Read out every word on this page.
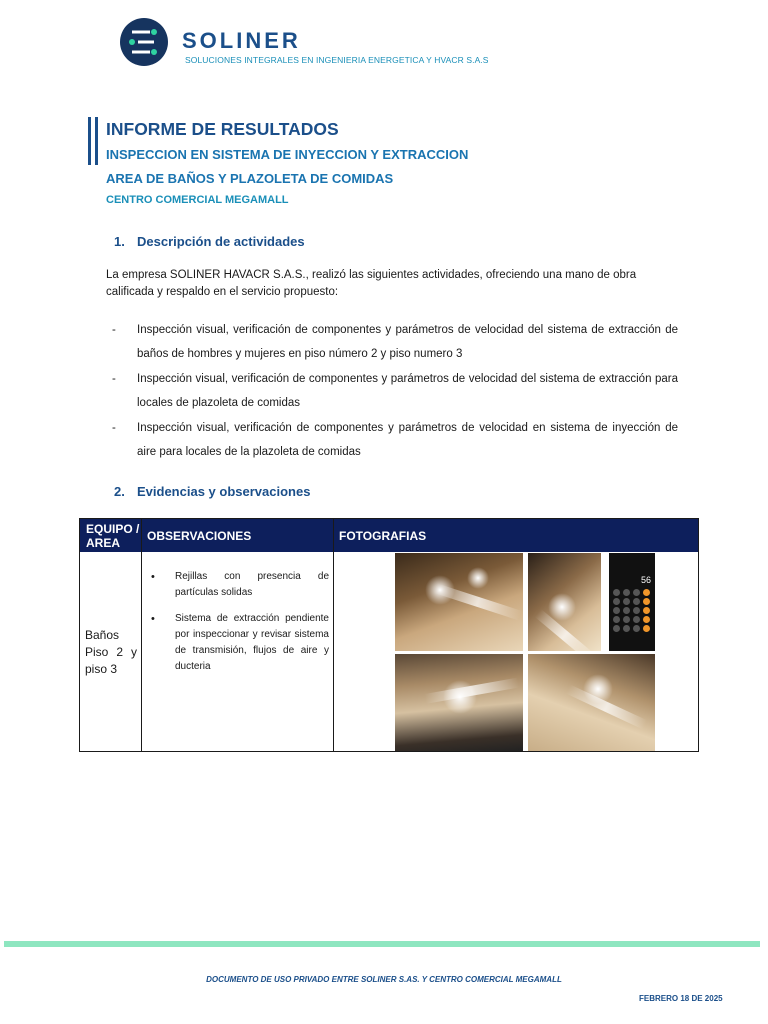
SOLINER
SOLUCIONES INTEGRALES EN INGENIERIA ENERGETICA Y HVACR S.A.S
INFORME DE RESULTADOS
INSPECCION EN SISTEMA DE INYECCION Y EXTRACCION
AREA DE BAÑOS Y PLAZOLETA DE COMIDAS
CENTRO COMERCIAL MEGAMALL
1. Descripción de actividades
La empresa SOLINER HAVACR S.A.S., realizó las siguientes actividades, ofreciendo una mano de obra calificada y respaldo en el servicio propuesto:
- Inspección visual, verificación de componentes y parámetros de velocidad del sistema de extracción de baños de hombres y mujeres en piso número 2 y piso numero 3
- Inspección visual, verificación de componentes y parámetros de velocidad del sistema de extracción para locales de plazoleta de comidas
- Inspección visual, verificación de componentes y parámetros de velocidad en sistema de inyección de aire para locales de la plazoleta de comidas
2. Evidencias y observaciones
EQUIPO / AREA	OBSERVACIONES	FOTOGRAFIAS
Baños Piso 2 y piso 3
• Rejillas con presencia de partículas solidas
• Sistema de extracción pendiente por inspeccionar y revisar sistema de transmisión, flujos de aire y ducteria
56
DOCUMENTO DE USO PRIVADO ENTRE SOLINER S.AS. Y CENTRO COMERCIAL MEGAMALL
FEBRERO 18 DE 2025
